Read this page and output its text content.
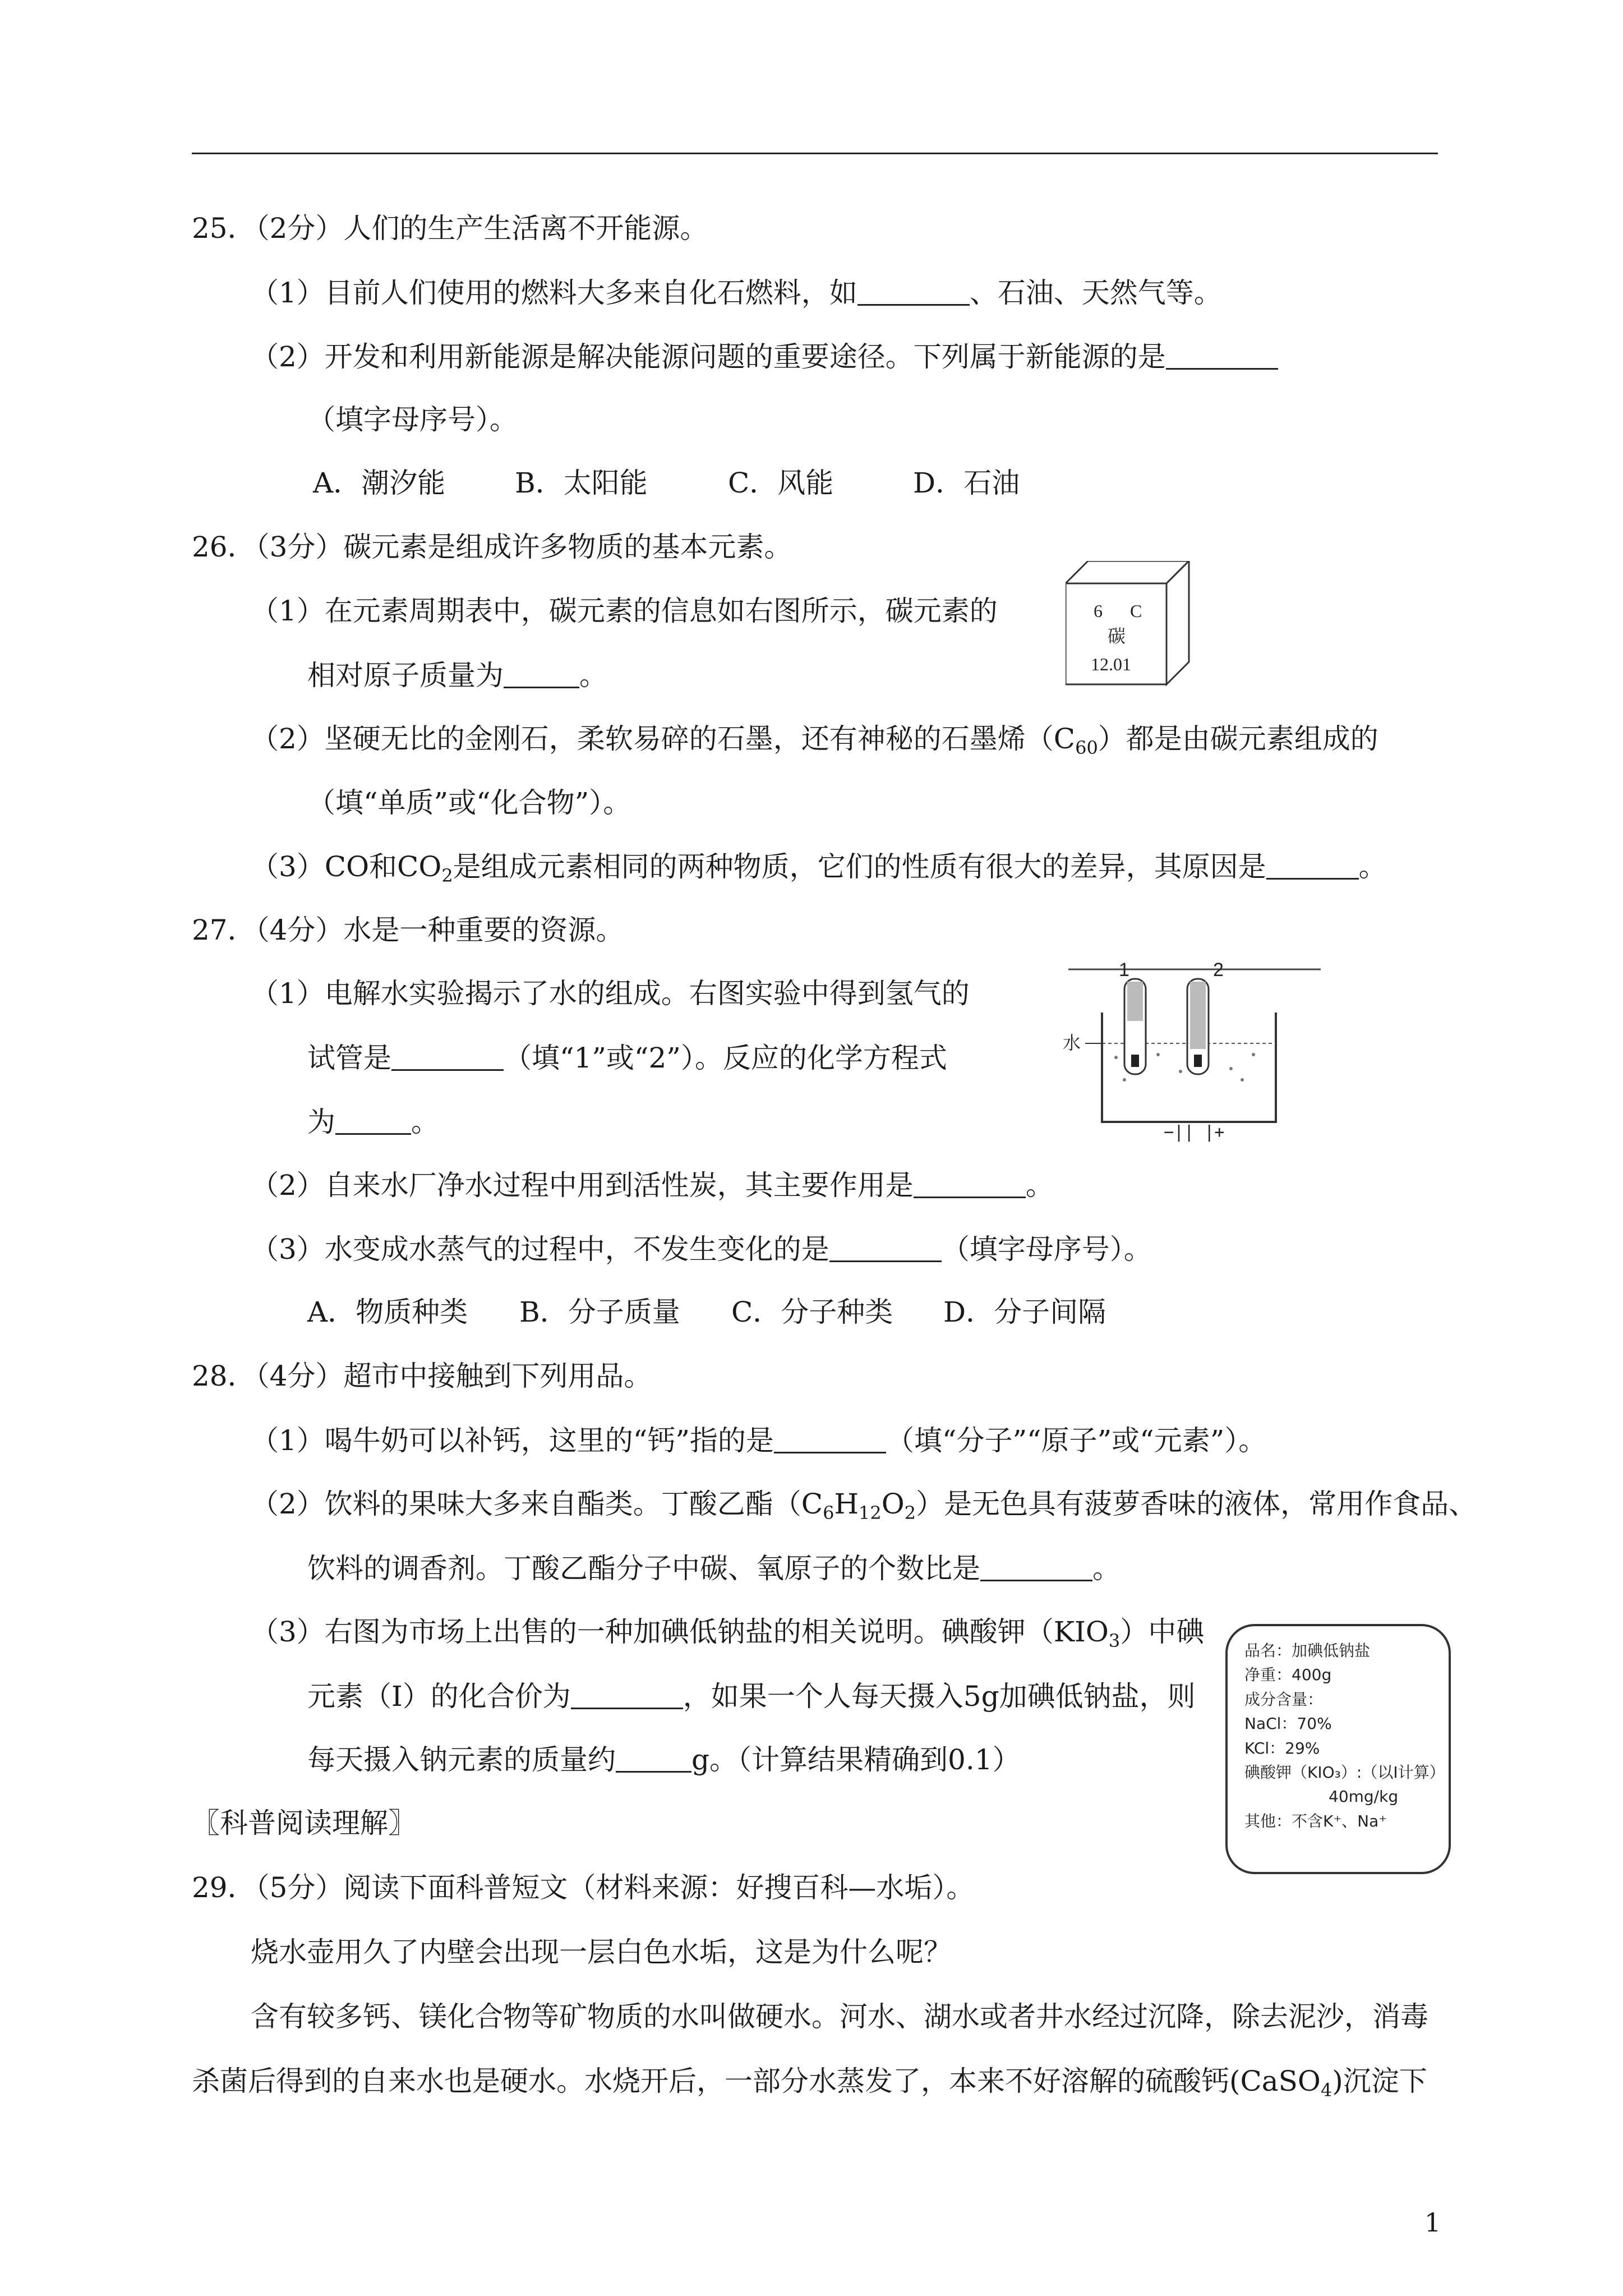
25．（2分）人们的生产生活离不开能源。
（1）目前人们使用的燃料大多来自化石燃料，如	、石油、天然气等。
（2）开发和利用新能源是解决能源问题的重要途径。下列属于新能源的是
（填字母序号）。
A．潮汐能 B．太阳能	C．风能	D．石油
26．（3分）碳元素是组成许多物质的基本元素。
（1）在元素周期表中，碳元素的信息如右图所示，碳元素的
相对原子质量为	。
6 C
碳
12.01
（2）坚硬无比的金刚石，柔软易碎的石墨，还有神秘的石墨烯$(C_{60})$都是由碳元素组成的
（填“单质”或“化合物”）。
（3）CO和$CO_2$是组成元素相同的两种物质，它们的性质有很大的差异，其原因是	。
27．（4分）水是一种重要的资源。
（1）电解水实验揭示了水的组成。右图实验中得到氢气的
试管是	（填“1”或“2”）。反应的化学方程式
为	。
1	2
水
−|| |+
（2）自来水厂净水过程中用到活性炭，其主要作用是	。
（3）水变成水蒸气的过程中，不发生变化的是	（填字母序号）。
A．物质种类 B．分子质量 C．分子种类 D．分子间隔
28．（4分）超市中接触到下列用品。
（1）喝牛奶可以补钙，这里的“钙”指的是	（填“分子”“原子”或“元素”）。
（2）饮料的果味大多来自酯类。丁酸乙酯$(C_6H_{12}O_2)$是无色具有菠萝香味的液体，常用作食品、
饮料的调香剂。丁酸乙酯分子中碳、氧原子的个数比是	。
（3）右图为市场上出售的一种加碘低钠盐的相关说明。碘酸钾$(KIO_3)$中碘
元素（I）的化合价为	，如果一个人每天摄入5g加碘低钠盐，则
每天摄入钠元素的质量约	g。（计算结果精确到0.1）
品名：加碘低钠盐
净重：400g
成分含量：
NaCl：70%
KCl：29%
碘酸钾（KIO₃）:（以I计算）
40mg/kg
其他：不含K⁺、Na⁺
〖科普阅读理解〗
29．（5分）阅读下面科普短文（材料来源：好搜百科—水垢）。
烧水壶用久了内壁会出现一层白色水垢，这是为什么呢？
含有较多钙、镁化合物等矿物质的水叫做硬水。河水、湖水或者井水经过沉降，除去泥沙，消毒
杀菌后得到的自来水也是硬水。水烧开后，一部分水蒸发了，本来不好溶解的硫酸钙(CaSO$_4$)沉淀下
1
